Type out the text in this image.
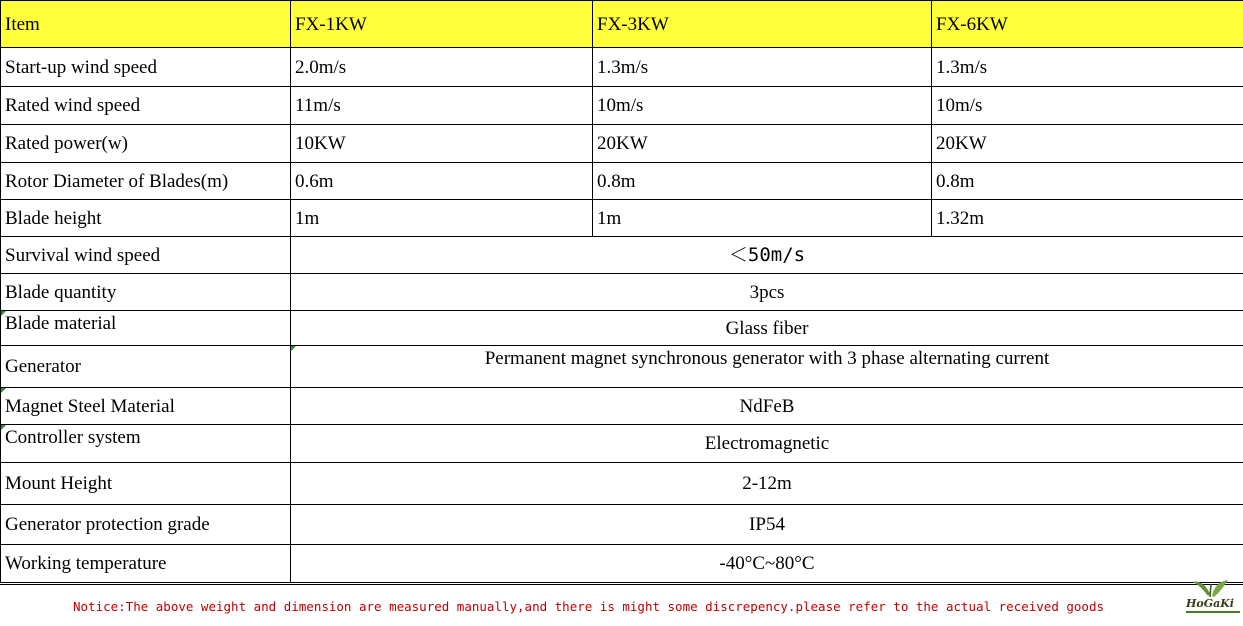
Item	FX-1KW	FX-3KW	FX-6KW
Start-up wind speed	2.0m/s	1.3m/s	1.3m/s
Rated wind speed	11m/s	10m/s	10m/s
Rated power(w)	10KW	20KW	20KW
Rotor Diameter of Blades(m)	0.6m	0.8m	0.8m
Blade height	1m	1m	1.32m
Survival wind speed	＜50m/s		
Blade quantity	3pcs		
Blade material	Glass fiber		
Generator	Permanent magnet synchronous generator with 3 phase alternating current		
Magnet Steel Material	NdFeB		
Controller system	Electromagnetic		
Mount Height	2-12m		
Generator protection grade	IP54		
Working temperature	-40°C~80°C		
Notice:The above weight and dimension are measured manually,and there is might some discrepency.please refer to the actual received goods	HoGaKi
